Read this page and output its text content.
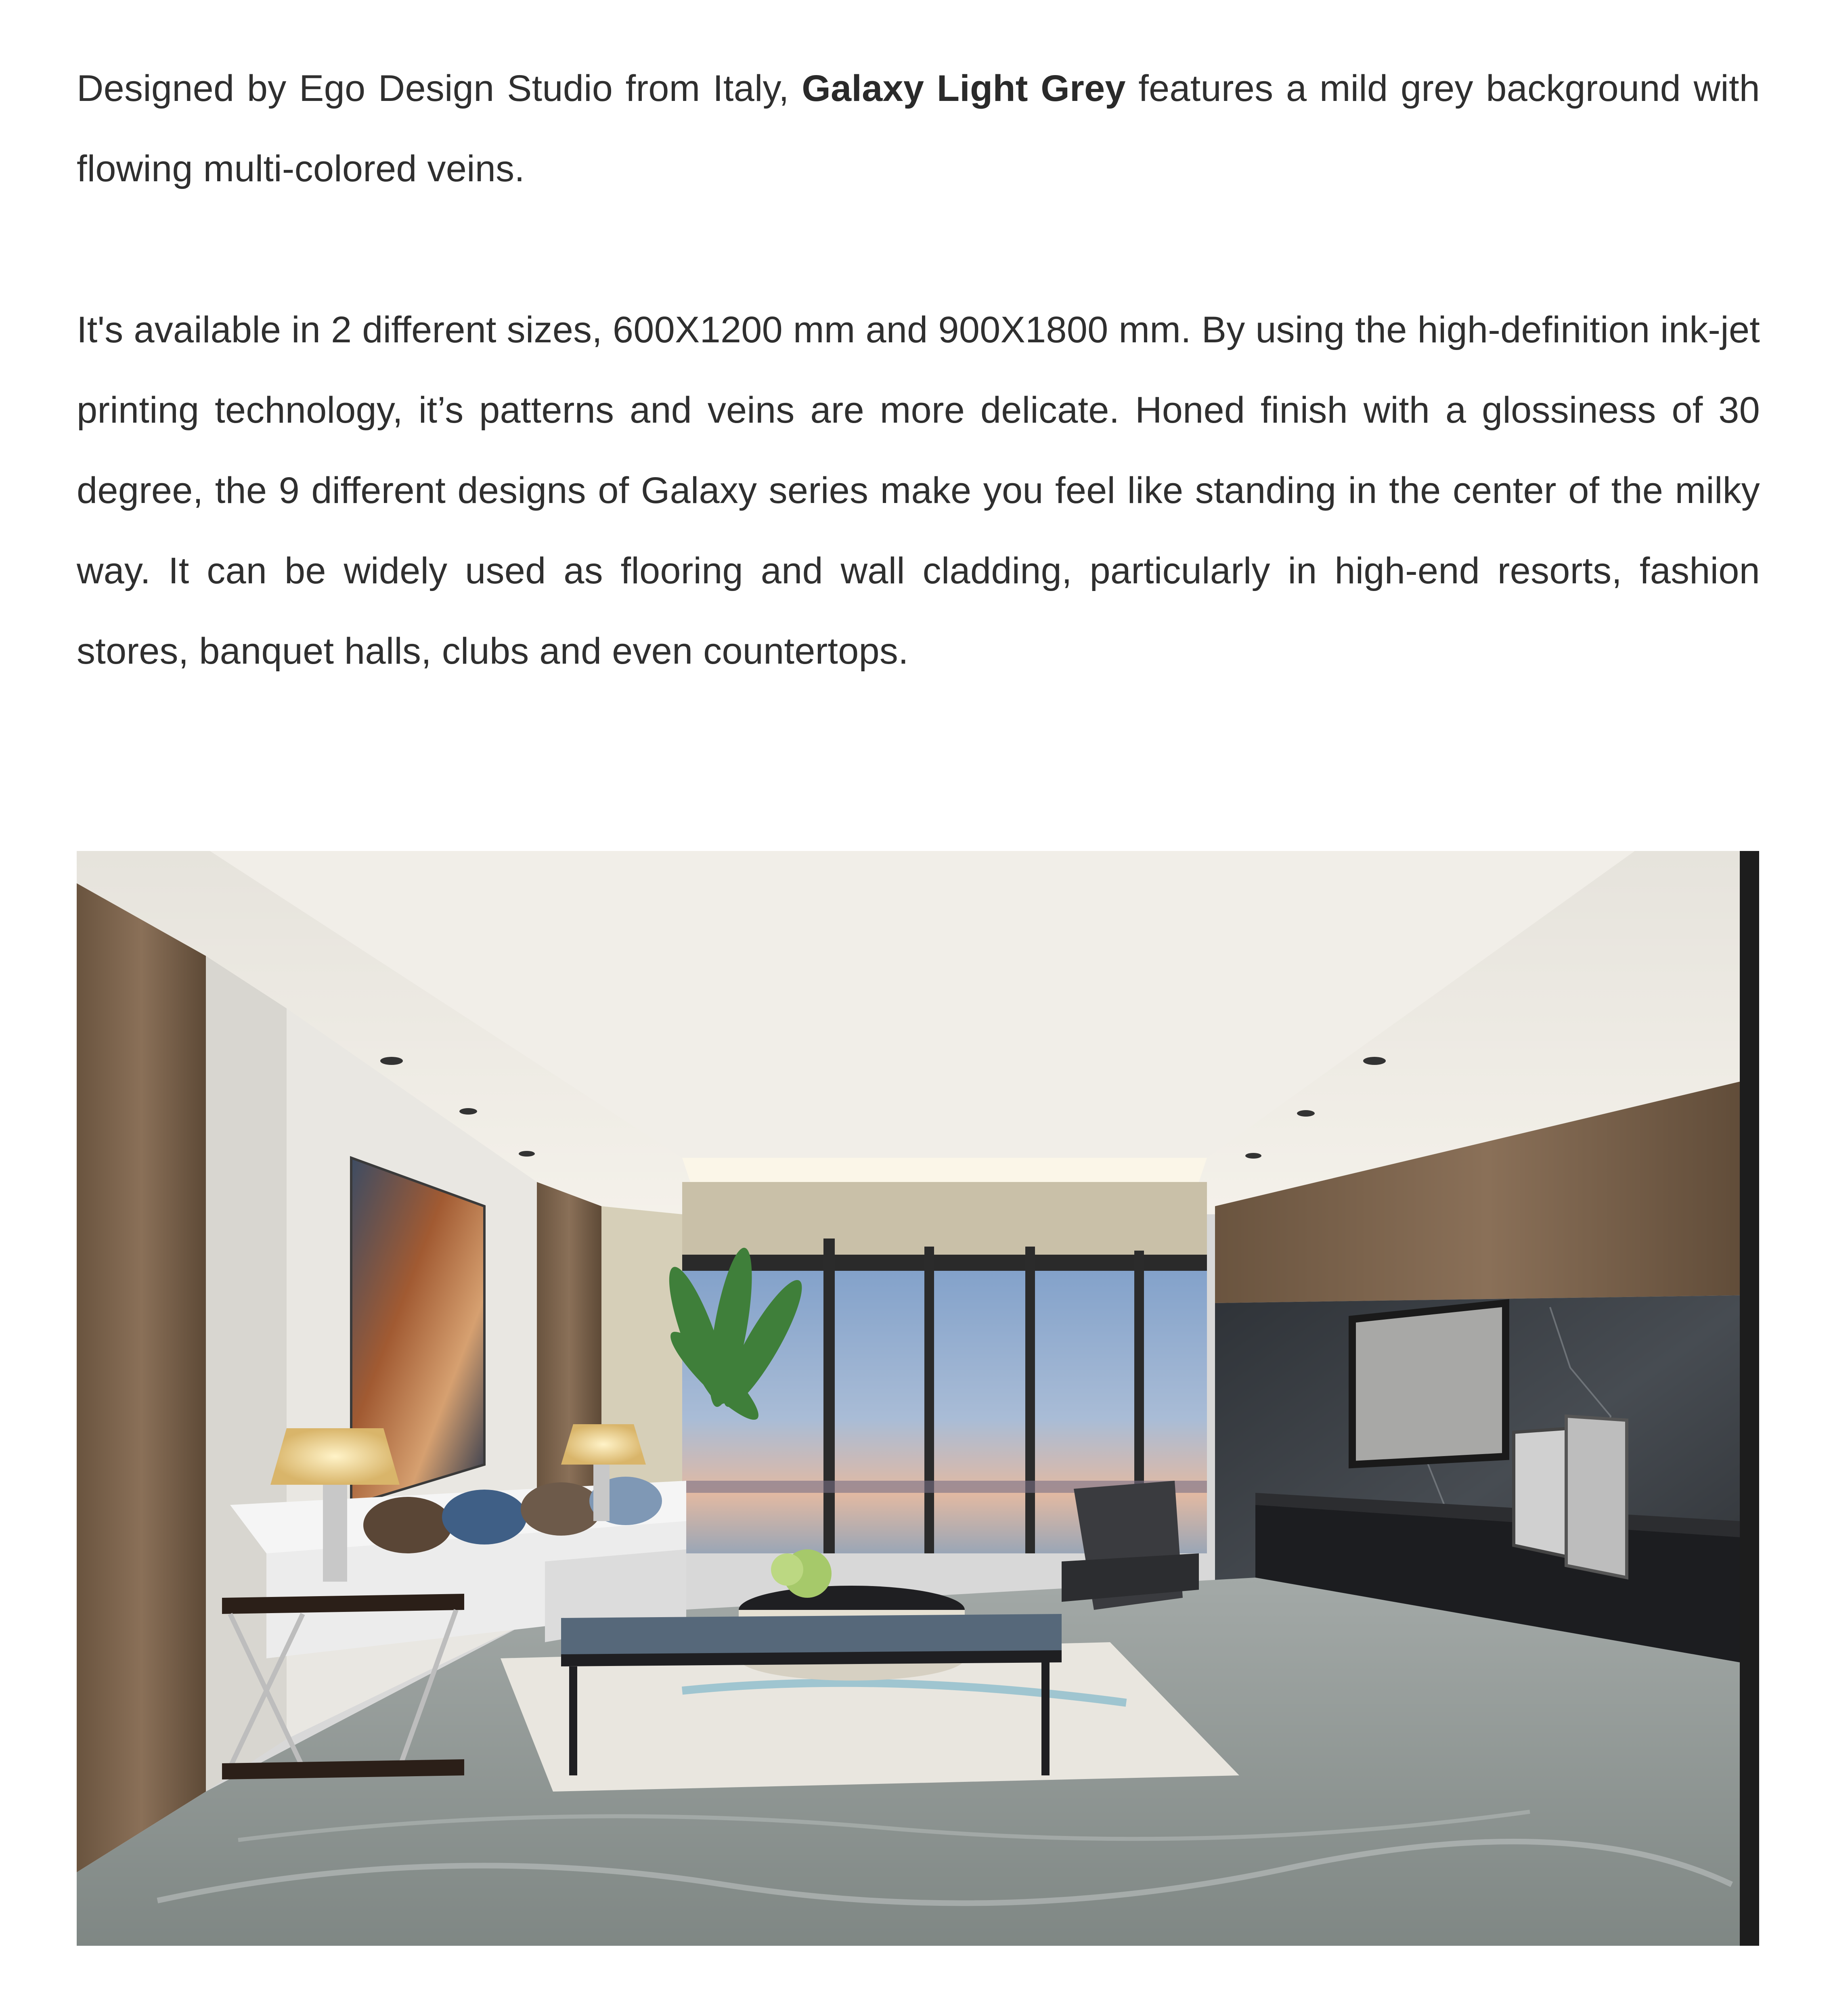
Designed by Ego Design Studio from Italy, Galaxy Light Grey features a mild grey background with flowing multi-colored veins.

It's available in 2 different sizes, 600X1200 mm and 900X1800 mm. By using the high-definition ink-jet printing technology, it’s patterns and veins are more delicate. Honed finish with a glossiness of 30 degree, the 9 different designs of Galaxy series make you feel like standing in the center of the milky way. It can be widely used as flooring and wall cladding, particularly in high-end resorts, fashion stores, banquet halls, clubs and even countertops.
